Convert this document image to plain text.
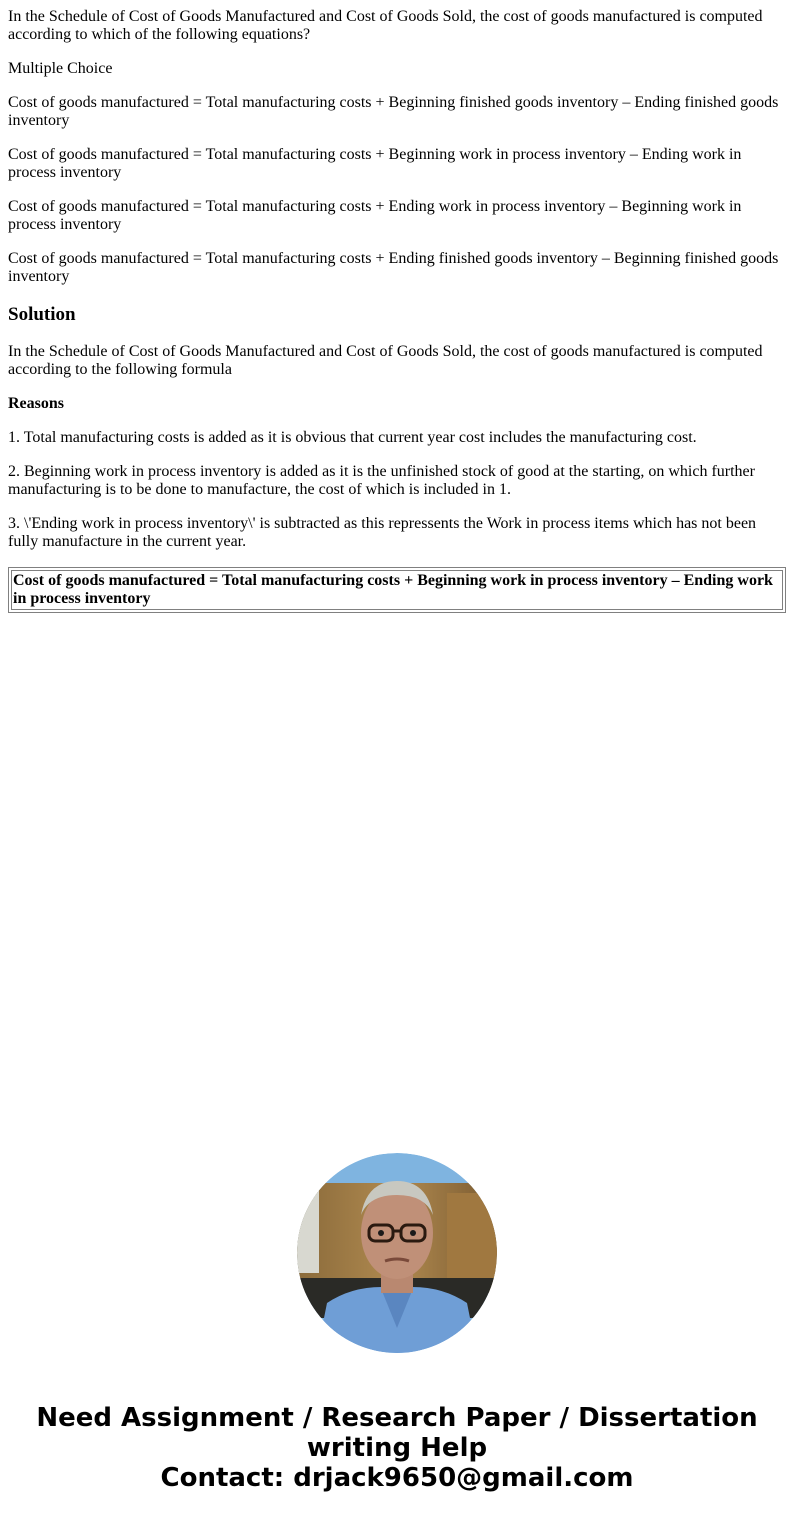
In the Schedule of Cost of Goods Manufactured and Cost of Goods Sold, the cost of goods manufactured is computed according to which of the following equations?

Multiple Choice

Cost of goods manufactured = Total manufacturing costs + Beginning finished goods inventory – Ending finished goods inventory

Cost of goods manufactured = Total manufacturing costs + Beginning work in process inventory – Ending work in process inventory

Cost of goods manufactured = Total manufacturing costs + Ending work in process inventory – Beginning work in process inventory

Cost of goods manufactured = Total manufacturing costs + Ending finished goods inventory – Beginning finished goods inventory

Solution

In the Schedule of Cost of Goods Manufactured and Cost of Goods Sold, the cost of goods manufactured is computed according to the following formula

Reasons

1. Total manufacturing costs is added as it is obvious that current year cost includes the manufacturing cost.

2. Beginning work in process inventory is added as it is the unfinished stock of good at the starting, on which further manufacturing is to be done to manufacture, the cost of which is included in 1.

3. \'Ending work in process inventory\' is subtracted as this repressents the Work in process items which has not been fully manufacture in the current year.

Cost of goods manufactured = Total manufacturing costs + Beginning work in process inventory – Ending work in process inventory
Need Assignment / Research Paper / Dissertation writing Help
Contact: drjack9650@gmail.com
